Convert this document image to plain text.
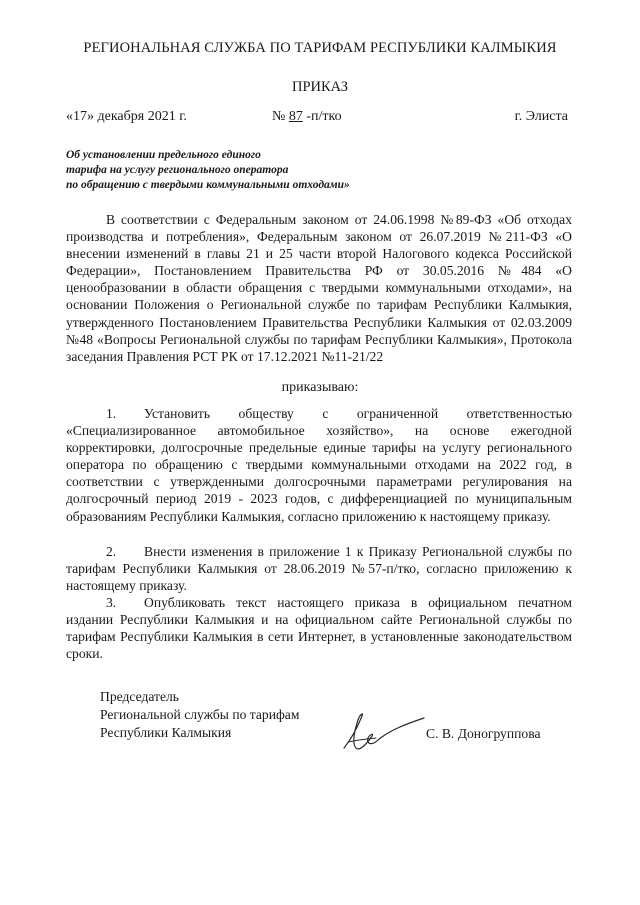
РЕГИОНАЛЬНАЯ СЛУЖБА ПО ТАРИФАМ РЕСПУБЛИКИ КАЛМЫКИЯ
ПРИКАЗ
«17» декабря 2021 г.	№ 87 -п/тко	г. Элиста
Об установлении предельного единого
тарифа на услугу регионального оператора
по обращению с твердыми коммунальными отходами»
В соответствии с Федеральным законом от 24.06.1998 №89-ФЗ «Об отходах производства и потребления», Федеральным законом от 26.07.2019 №211-ФЗ «О внесении изменений в главы 21 и 25 части второй Налогового кодекса Российской Федерации», Постановлением Правительства РФ от 30.05.2016 №484 «О ценообразовании в области обращения с твердыми коммунальными отходами», на основании Положения о Региональной службе по тарифам Республики Калмыкия, утвержденного Постановлением Правительства Республики Калмыкия от 02.03.2009 №48 «Вопросы Региональной службы по тарифам Республики Калмыкия», Протокола заседания Правления РСТ РК от 17.12.2021 №11-21/22
приказываю:
1. Установить обществу с ограниченной ответственностью «Специализированное автомобильное хозяйство», на основе ежегодной корректировки, долгосрочные предельные единые тарифы на услугу регионального оператора по обращению с твердыми коммунальными отходами на 2022 год, в соответствии с утвержденными долгосрочными параметрами регулирования на долгосрочный период 2019 - 2023 годов, с дифференциацией по муниципальным образованиям Республики Калмыкия, согласно приложению к настоящему приказу.
2. Внести изменения в приложение 1 к Приказу Региональной службы по тарифам Республики Калмыкия от 28.06.2019 №57-п/тко, согласно приложению к настоящему приказу.
3. Опубликовать текст настоящего приказа в официальном печатном издании Республики Калмыкия и на официальном сайте Региональной службы по тарифам Республики Калмыкия в сети Интернет, в установленные законодательством сроки.
Председатель
Региональной службы по тарифам
Республики Калмыкия	С. В. Доногруппова
